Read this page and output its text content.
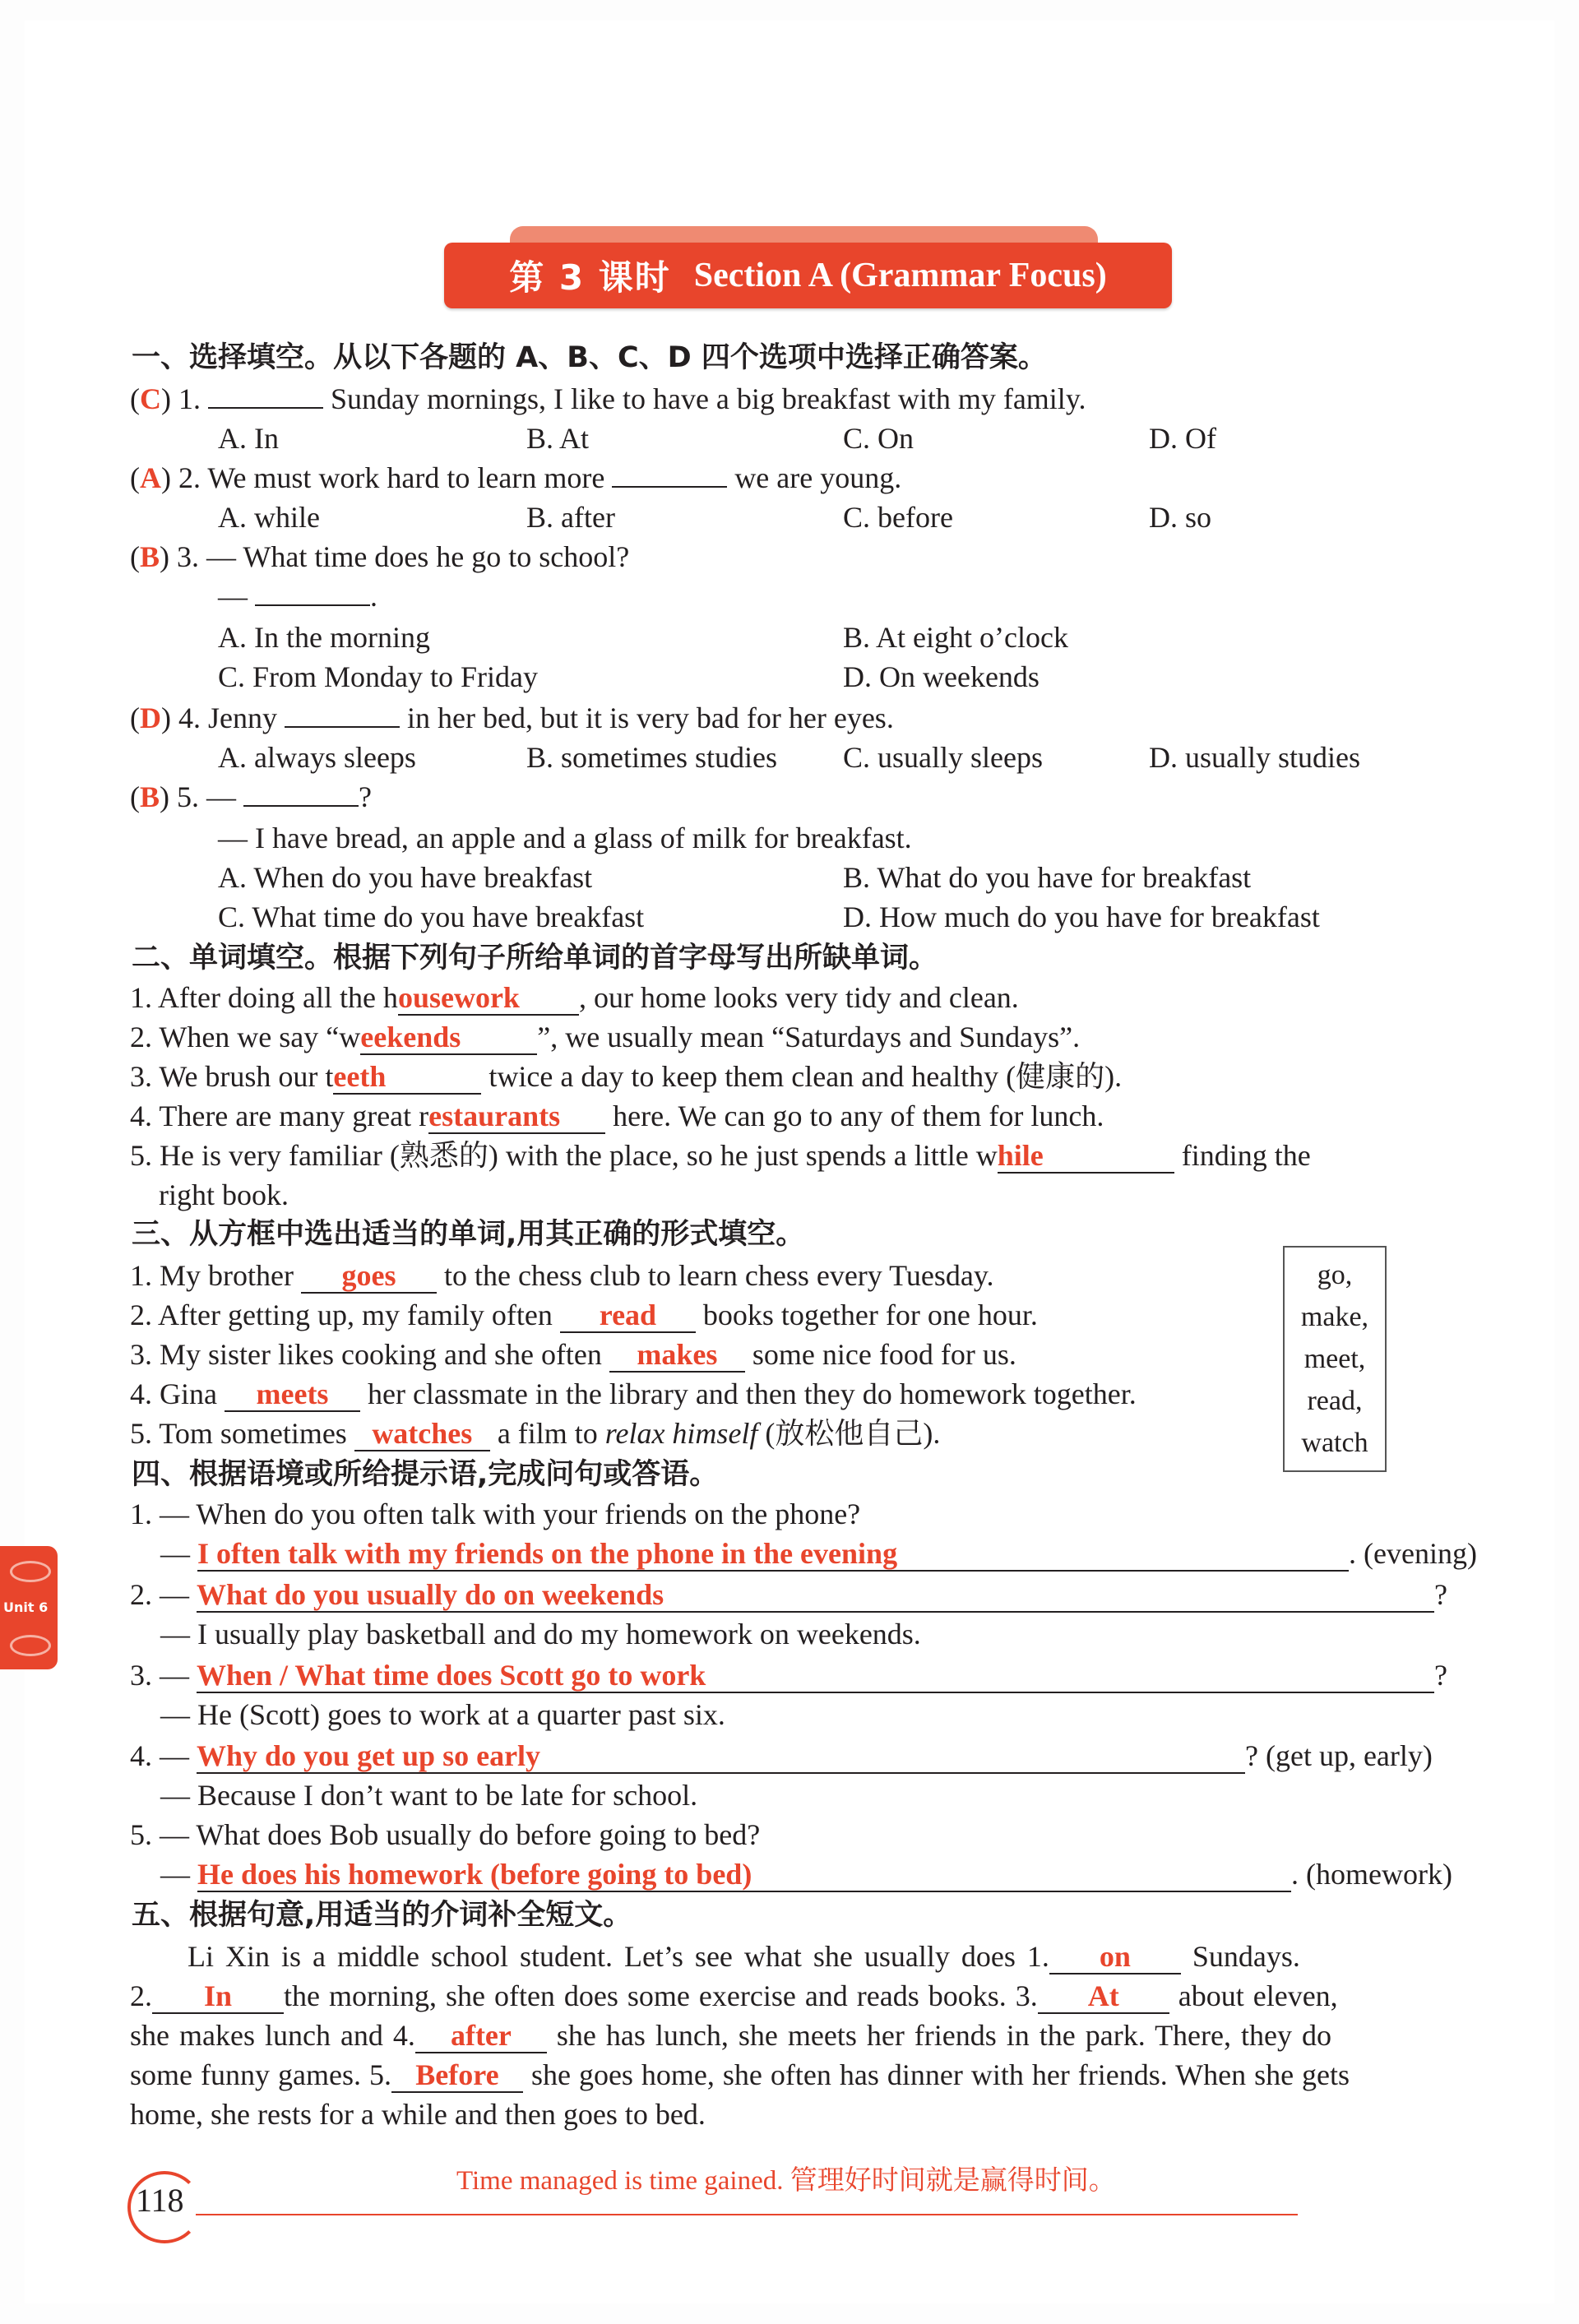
第 3 课时 Section A (Grammar Focus)
一、选择填空。从以下各题的 A、B、C、D 四个选项中选择正确答案。
(C) 1.	Sunday mornings, I like to have a big breakfast with my family.
A. In	B. At	C. On	D. Of
(A) 2. We must work hard to learn more	we are young.
A. while	B. after	C. before	D. so
(B) 3. — What time does he go to school?
—	.
A. In the morning	B. At eight o’clock
C. From Monday to Friday	D. On weekends
(D) 4. Jenny	in her bed, but it is very bad for her eyes.
A. always sleeps	B. sometimes studies C. usually sleeps	D. usually studies
(B) 5. —	?
— I have bread, an apple and a glass of milk for breakfast.
A. When do you have breakfast	B. What do you have for breakfast
C. What time do you have breakfast	D. How much do you have for breakfast
二、单词填空。根据下列句子所给单词的首字母写出所缺单词。
1. After doing all the housework , our home looks very tidy and clean.
2. When we say “weekends	”, we usually mean “Saturdays and Sundays”.
3. We brush our teeth	twice a day to keep them clean and healthy (健康的).
4. There are many great restaurants here. We can go to any of them for lunch.
5. He is very familiar (熟悉的) with the place, so he just spends a little while	finding the
right book.
三、从方框中选出适当的单词,用其正确的形式填空。
go,
make,
meet,
read,
watch
1. My brother goes to the chess club to learn chess every Tuesday.
2. After getting up, my family often read books together for one hour.
3. My sister likes cooking and she often makes some nice food for us.
4. Gina meets her classmate in the library and then they do homework together.
5. Tom sometimes watches a film to relax himself (放松他自己).
四、根据语境或所给提示语,完成问句或答语。
1. — When do you often talk with your friends on the phone?
— I often talk with my friends on the phone in the evening	. (evening)
2. — What do you usually do on weekends	?
— I usually play basketball and do my homework on weekends.
3. — When / What time does Scott go to work	?
— He (Scott) goes to work at a quarter past six.
4. — Why do you get up so early	? (get up, early)
— Because I don’t want to be late for school.
5. — What does Bob usually do before going to bed?
— He does his homework (before going to bed)	. (homework)
五、根据句意,用适当的介词补全短文。
Li Xin is a middle school student. Let’s see what she usually does 1. on Sundays.
2. In the morning, she often does some exercise and reads books. 3. At about eleven,
she makes lunch and 4. after she has lunch, she meets her friends in the park. There, they do
some funny games. 5. Before she goes home, she often has dinner with her friends. When she gets
home, she rests for a while and then goes to bed.
Unit 6
118
Time managed is time gained. 管理好时间就是赢得时间。
